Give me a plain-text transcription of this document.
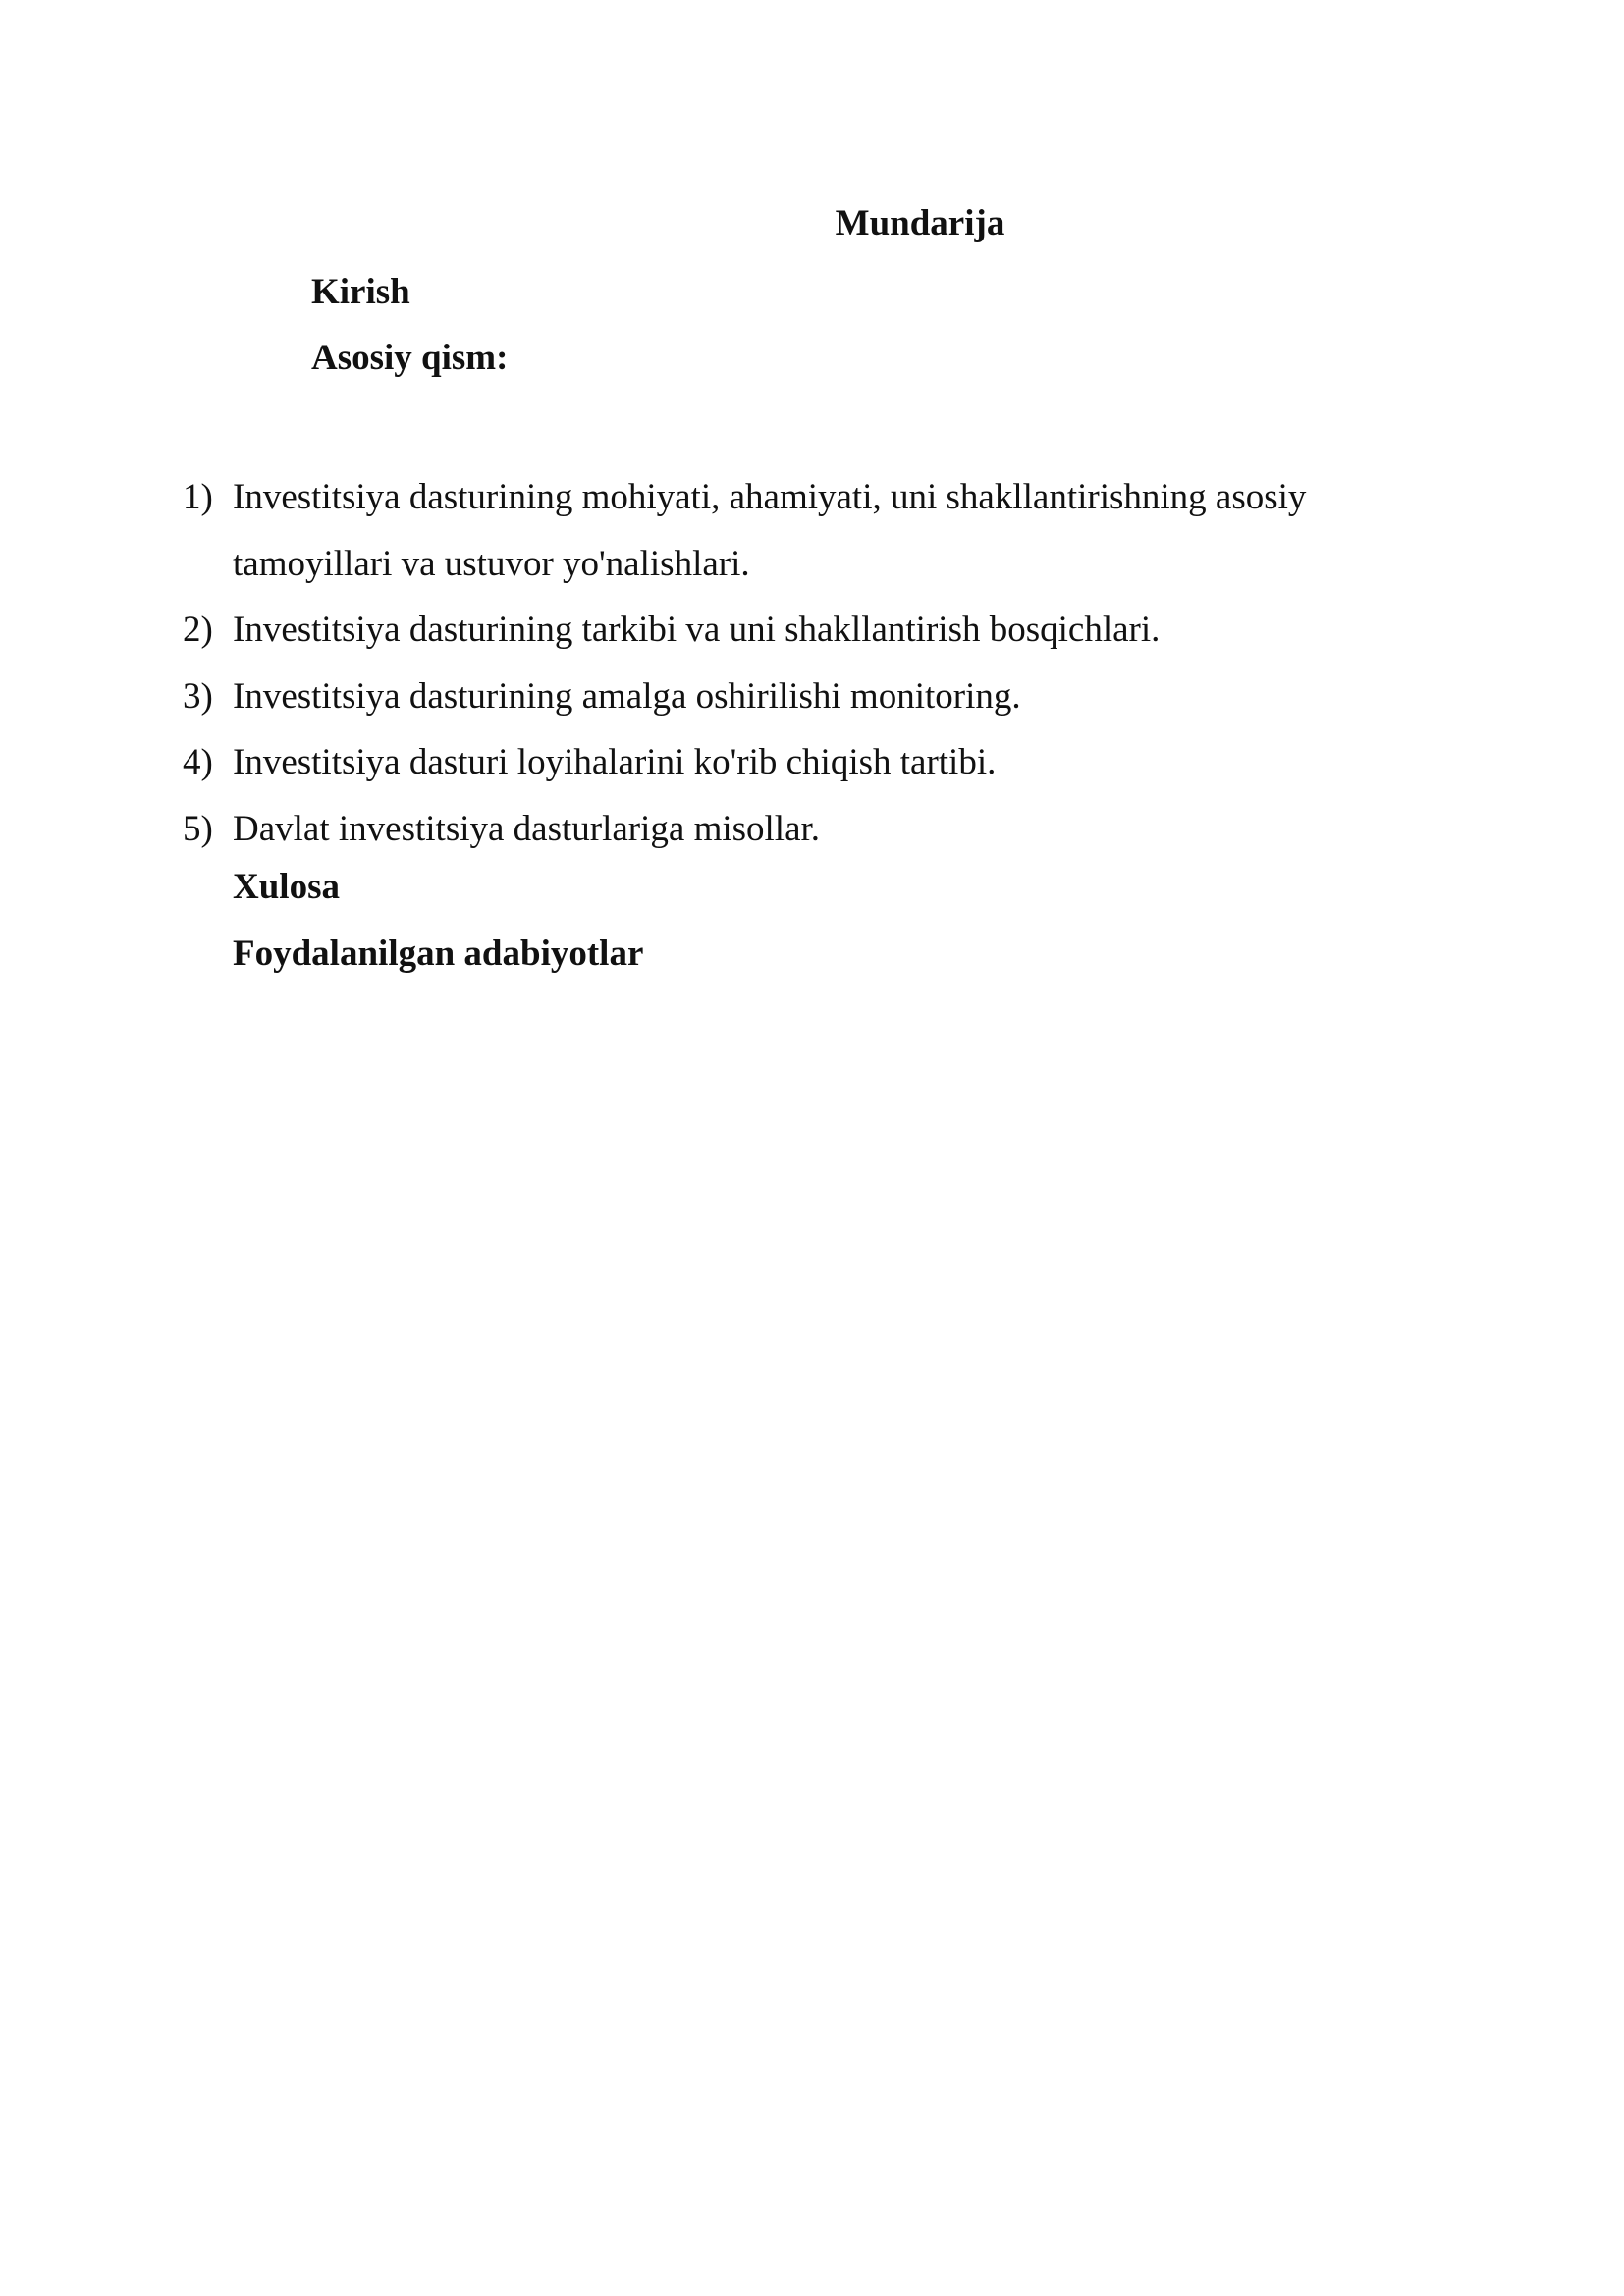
Mundarija
Kirish
Asosiy qism:
1) Investitsiya dasturining mohiyati, ahamiyati, uni shakllantirishning asosiy tamoyillari va ustuvor yo'nalishlari.
2) Investitsiya dasturining tarkibi va uni shakllantirish bosqichlari.
3) Investitsiya dasturining amalga oshirilishi monitoring.
4) Investitsiya dasturi loyihalarini ko'rib chiqish tartibi.
5) Davlat investitsiya dasturlariga misollar.
Xulosa
Foydalanilgan adabiyotlar
